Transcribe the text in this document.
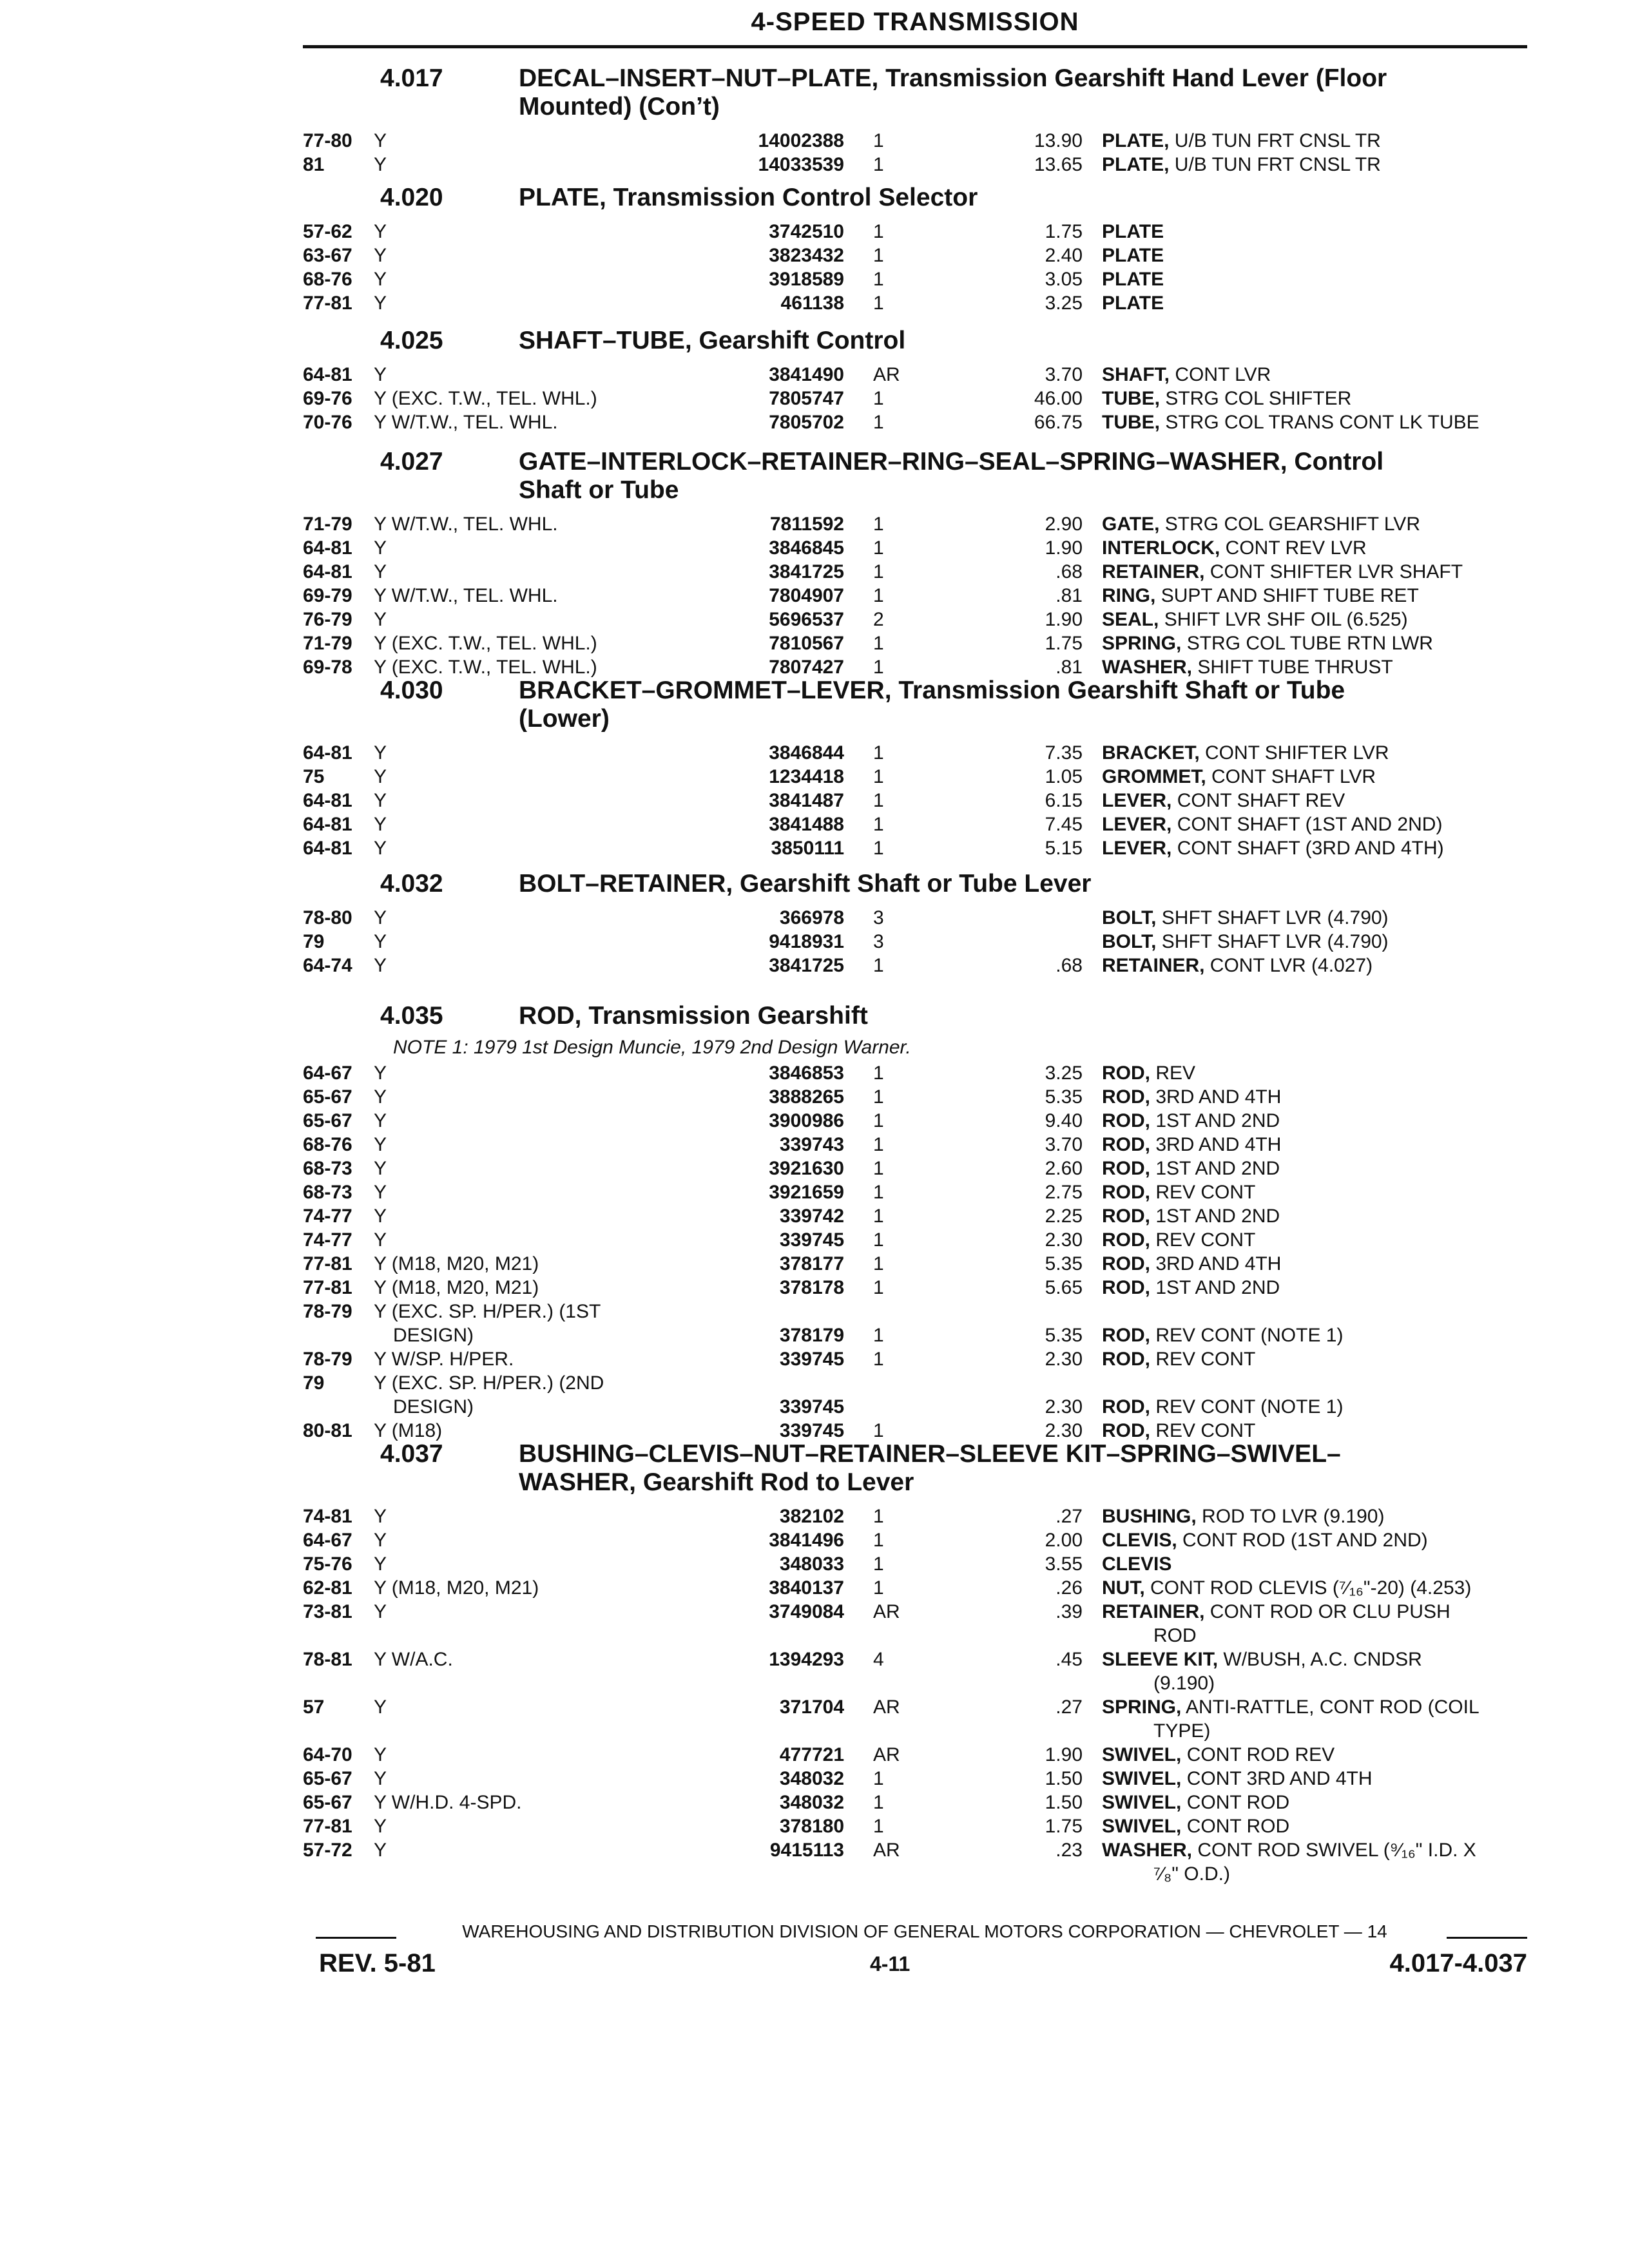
4-SPEED TRANSMISSION
4.017	DECAL–INSERT–NUT–PLATE, Transmission Gearshift Hand Lever (Floor
Mounted) (Con’t)
77-80 Y	14002388 1	13.90 PLATE, U/B TUN FRT CNSL TR
81	Y	14033539 1	13.65 PLATE, U/B TUN FRT CNSL TR
4.020	PLATE, Transmission Control Selector
57-62 Y	3742510 1	1.75 PLATE
63-67 Y	3823432 1	2.40 PLATE
68-76 Y	3918589 1	3.05 PLATE
77-81 Y	461138 1	3.25 PLATE
4.025	SHAFT–TUBE, Gearshift Control
64-81 Y	3841490 AR	3.70 SHAFT, CONT LVR
69-76 Y (EXC. T.W., TEL. WHL.)	7805747 1	46.00 TUBE, STRG COL SHIFTER
70-76 Y W/T.W., TEL. WHL.	7805702 1	66.75 TUBE, STRG COL TRANS CONT LK TUBE
4.027	GATE–INTERLOCK–RETAINER–RING–SEAL–SPRING–WASHER, Control
Shaft or Tube
71-79 Y W/T.W., TEL. WHL.	7811592 1	2.90 GATE, STRG COL GEARSHIFT LVR
64-81 Y	3846845 1	1.90 INTERLOCK, CONT REV LVR
64-81 Y	3841725 1	.68 RETAINER, CONT SHIFTER LVR SHAFT
69-79 Y W/T.W., TEL. WHL.	7804907 1	.81 RING, SUPT AND SHIFT TUBE RET
76-79 Y	5696537 2	1.90 SEAL, SHIFT LVR SHF OIL (6.525)
71-79 Y (EXC. T.W., TEL. WHL.)	7810567 1	1.75 SPRING, STRG COL TUBE RTN LWR
69-78 Y (EXC. T.W., TEL. WHL.)	7807427 1	.81 WASHER, SHIFT TUBE THRUST
4.030	BRACKET–GROMMET–LEVER, Transmission Gearshift Shaft or Tube
(Lower)
64-81 Y	3846844 1	7.35 BRACKET, CONT SHIFTER LVR
75	Y	1234418 1	1.05 GROMMET, CONT SHAFT LVR
64-81 Y	3841487 1	6.15 LEVER, CONT SHAFT REV
64-81 Y	3841488 1	7.45 LEVER, CONT SHAFT (1ST AND 2ND)
64-81 Y	3850111 1	5.15 LEVER, CONT SHAFT (3RD AND 4TH)
4.032	BOLT–RETAINER, Gearshift Shaft or Tube Lever
78-80 Y	366978 3	BOLT, SHFT SHAFT LVR (4.790)
79	Y	9418931 3	BOLT, SHFT SHAFT LVR (4.790)
64-74 Y	3841725 1	.68 RETAINER, CONT LVR (4.027)
4.035	ROD, Transmission Gearshift
NOTE 1: 1979 1st Design Muncie, 1979 2nd Design Warner.
64-67 Y	3846853 1	3.25 ROD, REV
65-67 Y	3888265 1	5.35 ROD, 3RD AND 4TH
65-67 Y	3900986 1	9.40 ROD, 1ST AND 2ND
68-76 Y	339743 1	3.70 ROD, 3RD AND 4TH
68-73 Y	3921630 1	2.60 ROD, 1ST AND 2ND
68-73 Y	3921659 1	2.75 ROD, REV CONT
74-77 Y	339742 1	2.25 ROD, 1ST AND 2ND
74-77 Y	339745 1	2.30 ROD, REV CONT
77-81 Y (M18, M20, M21)	378177 1	5.35 ROD, 3RD AND 4TH
77-81 Y (M18, M20, M21)	378178 1	5.65 ROD, 1ST AND 2ND
78-79 Y (EXC. SP. H/PER.) (1ST
DESIGN)	378179 1	5.35 ROD, REV CONT (NOTE 1)
78-79 Y W/SP. H/PER.	339745 1	2.30 ROD, REV CONT
79	Y (EXC. SP. H/PER.) (2ND
DESIGN)	339745	2.30 ROD, REV CONT (NOTE 1)
80-81 Y (M18)	339745 1	2.30 ROD, REV CONT
4.037	BUSHING–CLEVIS–NUT–RETAINER–SLEEVE KIT–SPRING–SWIVEL–
WASHER, Gearshift Rod to Lever
74-81 Y	382102 1	.27 BUSHING, ROD TO LVR (9.190)
64-67 Y	3841496 1	2.00 CLEVIS, CONT ROD (1ST AND 2ND)
75-76 Y	348033 1	3.55 CLEVIS
62-81 Y (M18, M20, M21)	3840137 1	.26 NUT, CONT ROD CLEVIS (⁷⁄₁₆"-20) (4.253)
73-81 Y	3749084 AR	.39 RETAINER, CONT ROD OR CLU PUSH
ROD
78-81 Y W/A.C.	1394293 4	.45 SLEEVE KIT, W/BUSH, A.C. CNDSR
(9.190)
57	Y	371704 AR	.27 SPRING, ANTI-RATTLE, CONT ROD (COIL
TYPE)
64-70 Y	477721 AR	1.90 SWIVEL, CONT ROD REV
65-67 Y	348032 1	1.50 SWIVEL, CONT 3RD AND 4TH
65-67 Y W/H.D. 4-SPD.	348032 1	1.50 SWIVEL, CONT ROD
77-81 Y	378180 1	1.75 SWIVEL, CONT ROD
57-72 Y	9415113 AR	.23 WASHER, CONT ROD SWIVEL (⁹⁄₁₆" I.D. X
⁷⁄₈" O.D.)
WAREHOUSING AND DISTRIBUTION DIVISION OF GENERAL MOTORS CORPORATION — CHEVROLET — 14
REV. 5-81	4-11	4.017-4.037
